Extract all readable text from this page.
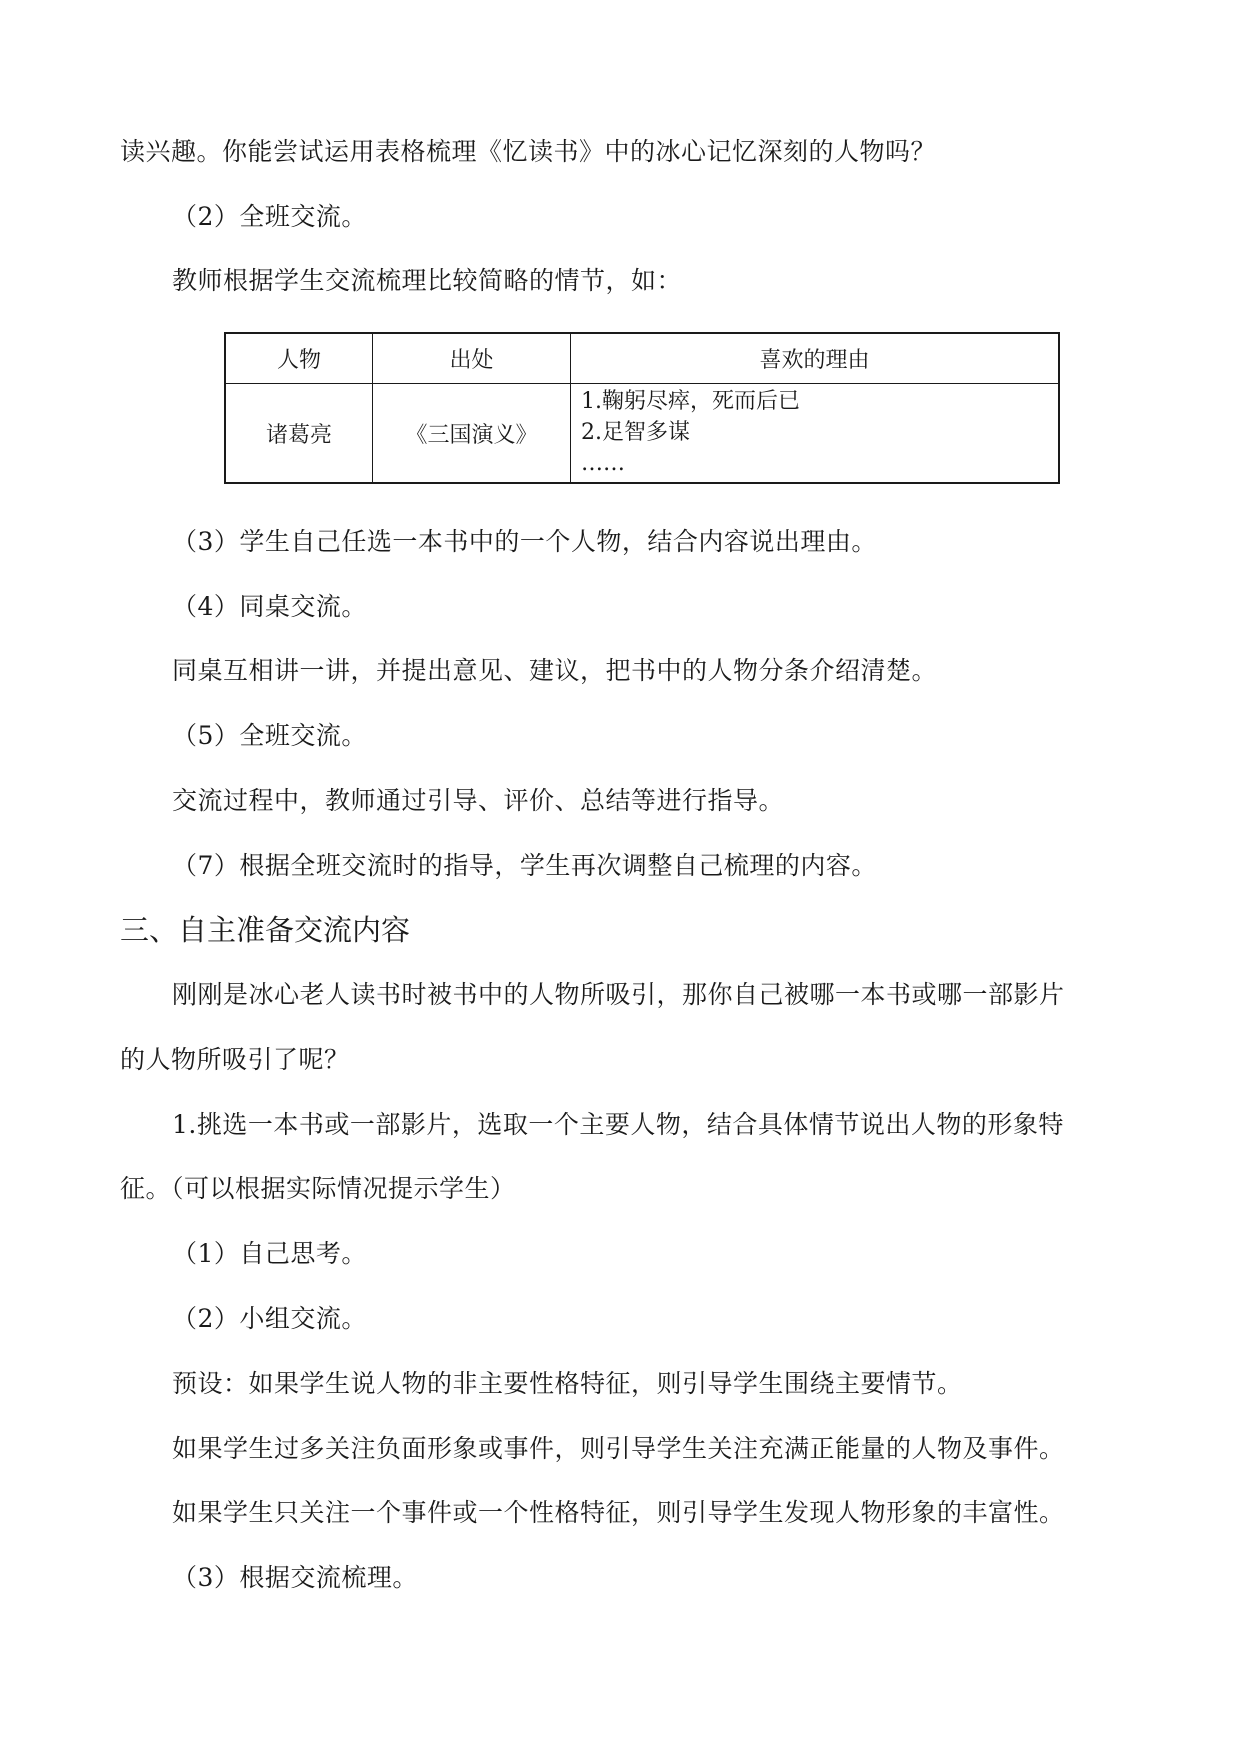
读兴趣。你能尝试运用表格梳理《忆读书》中的冰心记忆深刻的人物吗？
（2）全班交流。
教师根据学生交流梳理比较简略的情节，如：
人物	出处	喜欢的理由
诸葛亮	《三国演义》	1.鞠躬尽瘁，死而后已
2.足智多谋
……
（3）学生自己任选一本书中的一个人物，结合内容说出理由。
（4）同桌交流。
同桌互相讲一讲，并提出意见、建议，把书中的人物分条介绍清楚。
（5）全班交流。
交流过程中，教师通过引导、评价、总结等进行指导。
（7）根据全班交流时的指导，学生再次调整自己梳理的内容。
三、自主准备交流内容
刚刚是冰心老人读书时被书中的人物所吸引，那你自己被哪一本书或哪一部影片
的人物所吸引了呢？
1.挑选一本书或一部影片，选取一个主要人物，结合具体情节说出人物的形象特
征。（可以根据实际情况提示学生）
（1）自己思考。
（2）小组交流。
预设：如果学生说人物的非主要性格特征，则引导学生围绕主要情节。
如果学生过多关注负面形象或事件，则引导学生关注充满正能量的人物及事件。
如果学生只关注一个事件或一个性格特征，则引导学生发现人物形象的丰富性。
（3）根据交流梳理。
